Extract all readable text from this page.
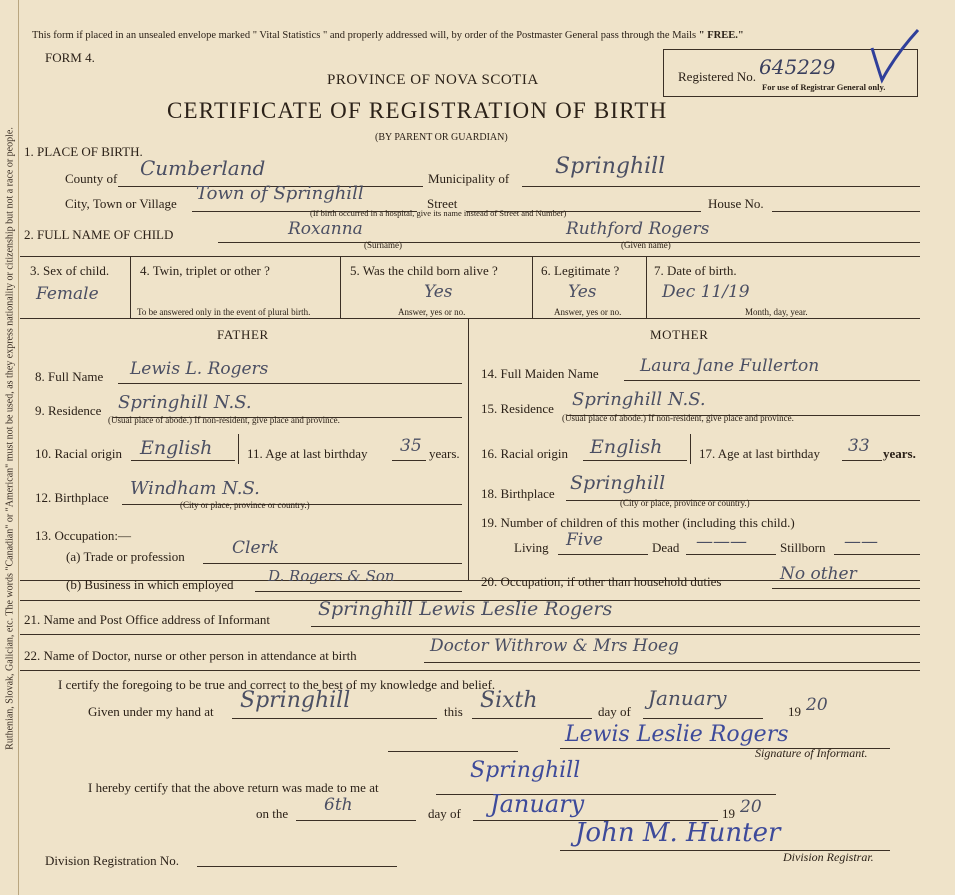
Ruthenian, Slovak, Galician, etc. The words "Canadian" or "American" must not be used, as they express nationality or citizenship but not a race or people.
This form if placed in an unsealed envelope marked " Vital Statistics " and properly addressed will, by order of the Postmaster General pass through the Mails " FREE."
FORM 4.
PROVINCE OF NOVA SCOTIA
CERTIFICATE OF REGISTRATION OF BIRTH
(BY PARENT OR GUARDIAN)
Registered No. 645229
For use of Registrar General only.
1. PLACE OF BIRTH.
County of Cumberland	Municipality of Springhill
City, Town or Village Town of Springhill	Street	House No.
(If birth occurred in a hospital, give its name instead of Street and Number)
2. FULL NAME OF CHILD	Roxanna
(Surname)
Ruthford Rogers
(Given name)
3. Sex of child.
Female
4. Twin, triplet or other ?
To be answered only in the event of plural birth.
5. Was the child born alive ?
Yes
Answer, yes or no.
6. Legitimate ?
Yes
Answer, yes or no.
7. Date of birth.
Dec 11/19
Month, day, year.
FATHER	MOTHER
8. Full Name Lewis L. Rogers
9. Residence Springhill N.S.
(Usual place of abode.) If non-resident, give place and province.
10. Racial origin English	11. Age at last birthday 35 years.
12. Birthplace Windham N.S.
(City or place, province or country.)
13. Occupation:—
(a) Trade or profession	Clerk
(b) Business in which employed D. Rogers & Son
14. Full Maiden Name Laura Jane Fullerton
15. Residence Springhill N.S.
(Usual place of abode.) If non-resident, give place and province.
16. Racial origin English	17. Age at last birthday 33 years.
18. Birthplace Springhill
(City or place, province or country.)
19. Number of children of this mother (including this child.)
Living Five	Dead ———	Stillborn ——
20. Occupation, if other than household duties	No other
21. Name and Post Office address of Informant	Springhill Lewis Leslie Rogers
22. Name of Doctor, nurse or other person in attendance at birth	Doctor Withrow & Mrs Hoeg
I certify the foregoing to be true and correct to the best of my knowledge and belief.
Given under my hand at Springhill	this Sixth	day of
January
19 20
Lewis Leslie Rogers
Signature of Informant.
I hereby certify that the above return was made to me at
Springhill
on the 6th	day of January	19 20
John M. Hunter
Division Registration No.	Division Registrar.
